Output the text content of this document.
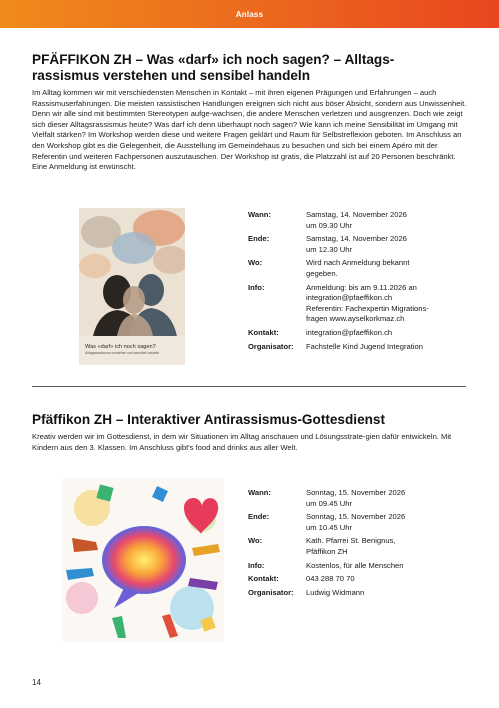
Anlass
PFÄFFIKON ZH – Was «darf» ich noch sagen? – Alltags-
rassismus verstehen und sensibel handeln

Im Alltag kommen wir mit verschiedensten Menschen in Kontakt – mit ihren eigenen Prägungen und Erfahrungen – auch Rassismuserfahrungen. Die meisten rassistischen Handlungen ereignen sich nicht aus böser Absicht, sondern aus Unwissenheit. Denn wir alle sind mit bestimmten Stereotypen aufge-wachsen, die andere Menschen verletzen und ausgrenzen. Doch wie zeigt sich dieser Alltagsrassismus heute? Was darf ich denn überhaupt noch sagen? Wie kann ich meine Sensibilität im Umgang mit Vielfalt stärken? Im Workshop werden diese und weitere Fragen geklärt und Raum für Selbstreflexion geboten. Im Anschluss an den Workshop gibt es die Gelegenheit, die Ausstellung im Gemeindehaus zu besuchen und sich bei einem Apéro mit der Referentin und weiteren Fachpersonen auszutauschen. Der Workshop ist gratis, die Platzzahl ist auf 20 Personen beschränkt. Eine Anmeldung ist erwünscht.

Was «darf» ich noch sagen?
Alltagsrassismus verstehen und sensibel handeln
Wann:	Samstag, 14. November 2026
um 09.30 Uhr
Ende:	Samstag, 14. November 2026
um 12.30 Uhr
Wo:	Wird nach Anmeldung bekannt
gegeben.
Info:	Anmeldung: bis am 9.11.2026 an
integration@pfaeffikon.ch
Referentin: Fachexpertin Migrations-
fragen www.ayselkorkmaz.ch
Kontakt:	integration@pfaeffikon.ch
Organisator:	Fachstelle Kind Jugend Integration
Pfäffikon ZH – Interaktiver Antirassismus-Gottesdienst

Kreativ werden wir im Gottesdienst, in dem wir Situationen im Alltag anschauen und Lösungsstrate-gien dafür entwickeln. Mit Kindern aus den 3. Klassen. Im Anschluss gibt's food and drinks aus aller Welt.

Wann:	Sonntag, 15. November 2026
um 09.45 Uhr
Ende:	Sonntag, 15. November 2026
um 10.45 Uhr
Wo:	Kath. Pfarrei St. Benignus,
Pfäffikon ZH
Info:	Kostenlos, für alle Menschen
Kontakt:	043 288 70 70
Organisator:	Ludwig Widmann
14
